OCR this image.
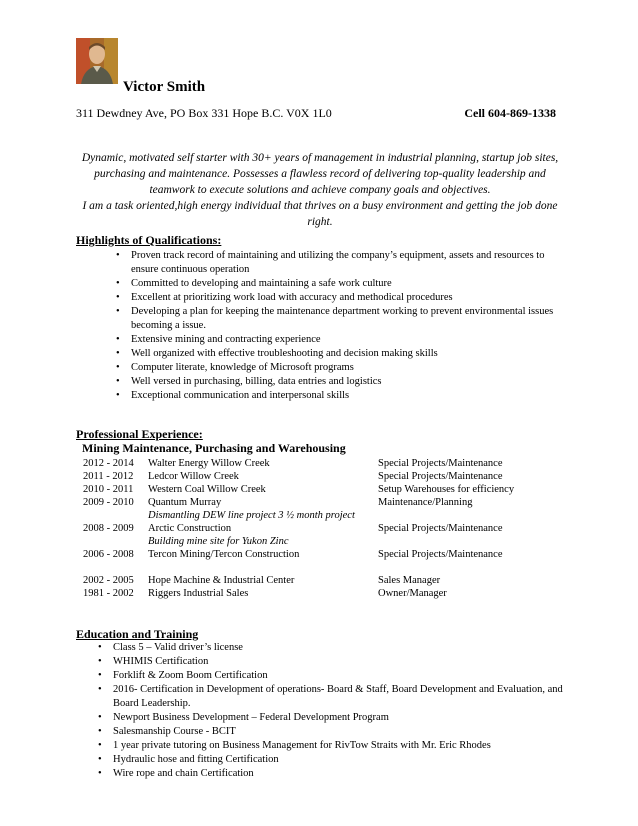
Victor Smith
311 Dewdney Ave, PO Box 331 Hope B.C. V0X 1L0	Cell 604-869-1338

Dynamic, motivated self starter with 30+ years of management in industrial planning, startup job sites, purchasing and maintenance. Possesses a flawless record of delivering top-quality leadership and teamwork to execute solutions and achieve company goals and objectives.

I am a task oriented,high energy individual that thrives on a busy environment and getting the job done right.

Highlights of Qualifications:
• Proven track record of maintaining and utilizing the company’s equipment, assets and resources to ensure continuous operation
• Committed to developing and maintaining a safe work culture
• Excellent at prioritizing work load with accuracy and methodical procedures
• Developing a plan for keeping the maintenance department working to prevent environmental issues becoming a issue.
• Extensive mining and contracting experience
• Well organized with effective troubleshooting and decision making skills
• Computer literate, knowledge of Microsoft programs
• Well versed in purchasing, billing, data entries and logistics
• Exceptional communication and interpersonal skills
Professional Experience:
Mining Maintenance, Purchasing and Warehousing
2012 - 2014 Walter Energy Willow Creek	Special Projects/Maintenance
2011 - 2012 Ledcor Willow Creek	Special Projects/Maintenance
2010 - 2011 Western Coal Willow Creek	Setup Warehouses for efficiency
2009 - 2010 Quantum Murray	Maintenance/Planning
Dismantling DEW line project 3 ½ month project
2008 - 2009 Arctic Construction	Special Projects/Maintenance
Building mine site for Yukon Zinc
2006 - 2008 Tercon Mining/Tercon Construction	Special Projects/Maintenance
2002 - 2005 Hope Machine & Industrial Center	Sales Manager
1981 - 2002 Riggers Industrial Sales	Owner/Manager
Education and Training
• Class 5 – Valid driver’s license
• WHIMIS Certification
• Forklift & Zoom Boom Certification
• 2016- Certification in Development of operations- Board & Staff, Board Development and Evaluation, and Board Leadership.
• Newport Business Development – Federal Development Program
• Salesmanship Course - BCIT
• 1 year private tutoring on Business Management for RivTow Straits with Mr. Eric Rhodes
• Hydraulic hose and fitting Certification
• Wire rope and chain Certification
